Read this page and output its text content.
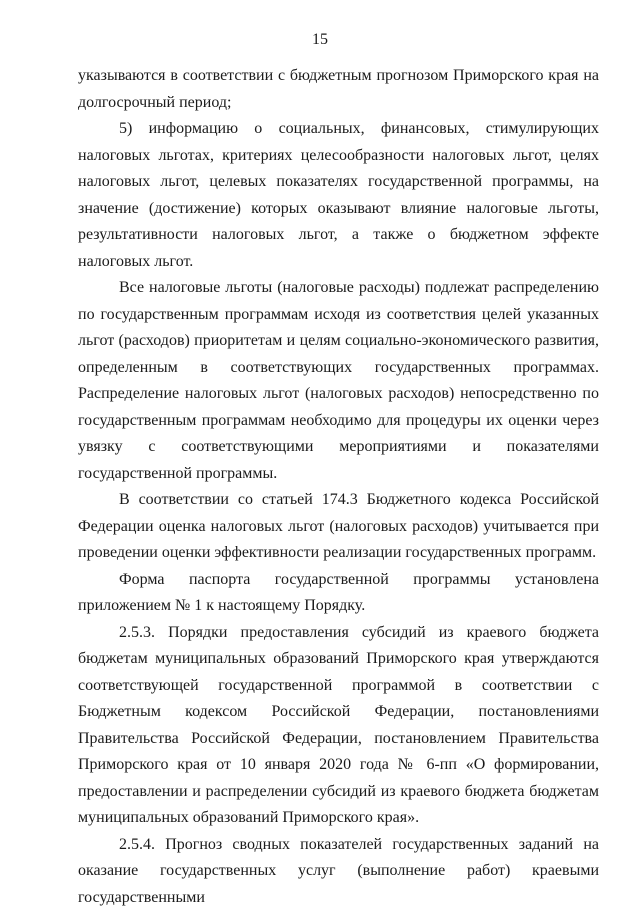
15

указываются в соответствии с бюджетным прогнозом Приморского края на долгосрочный период;

5) информацию о социальных, финансовых, стимулирующих налоговых льготах, критериях целесообразности налоговых льгот, целях налоговых льгот, целевых показателях государственной программы, на значение (достижение) которых оказывают влияние налоговые льготы, результативности налоговых льгот, а также о бюджетном эффекте налоговых льгот.

Все налоговые льготы (налоговые расходы) подлежат распределению по государственным программам исходя из соответствия целей указанных льгот (расходов) приоритетам и целям социально-экономического развития, определенным в соответствующих государственных программах. Распределение налоговых льгот (налоговых расходов) непосредственно по государственным программам необходимо для процедуры их оценки через увязку с соответствующими мероприятиями и показателями государственной программы.

В соответствии со статьей 174.3 Бюджетного кодекса Российской Федерации оценка налоговых льгот (налоговых расходов) учитывается при проведении оценки эффективности реализации государственных программ.

Форма паспорта государственной программы установлена приложением № 1 к настоящему Порядку.

2.5.3. Порядки предоставления субсидий из краевого бюджета бюджетам муниципальных образований Приморского края утверждаются соответствующей государственной программой в соответствии с Бюджетным кодексом Российской Федерации, постановлениями Правительства Российской Федерации, постановлением Правительства Приморского края от 10 января 2020 года № 6-пп «О формировании, предоставлении и распределении субсидий из краевого бюджета бюджетам муниципальных образований Приморского края».

2.5.4. Прогноз сводных показателей государственных заданий на оказание государственных услуг (выполнение работ) краевыми государственными
